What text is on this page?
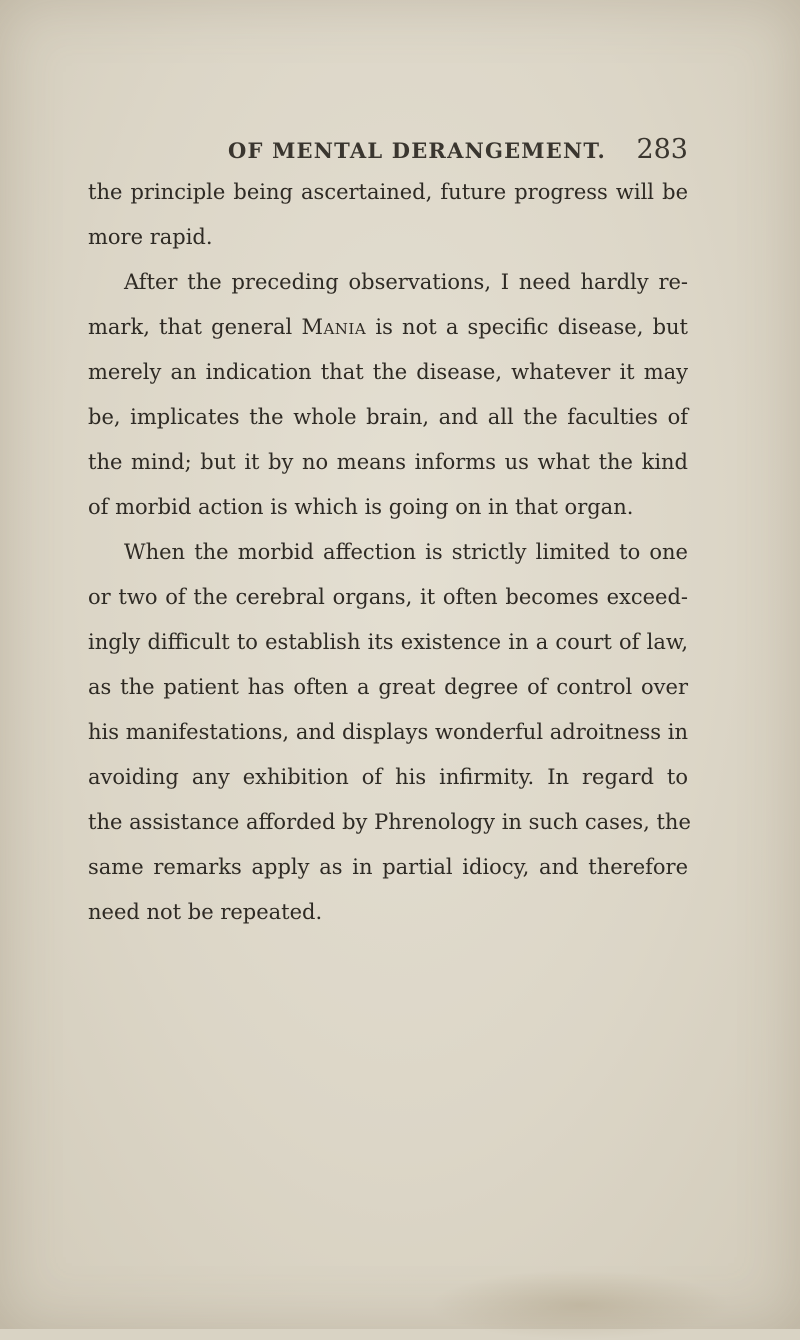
OF MENTAL DERANGEMENT. 283
the principle being ascertained, future progress will be
more rapid.
After the preceding observations, I need hardly re-
mark, that general Mania is not a specific disease, but
merely an indication that the disease, whatever it may
be, implicates the whole brain, and all the faculties of
the mind; but it by no means informs us what the kind
of morbid action is which is going on in that organ.
When the morbid affection is strictly limited to one
or two of the cerebral organs, it often becomes exceed-
ingly difficult to establish its existence in a court of law,
as the patient has often a great degree of control over
his manifestations, and displays wonderful adroitness in
avoiding any exhibition of his infirmity. In regard to
the assistance afforded by Phrenology in such cases, the
same remarks apply as in partial idiocy, and therefore
need not be repeated.
